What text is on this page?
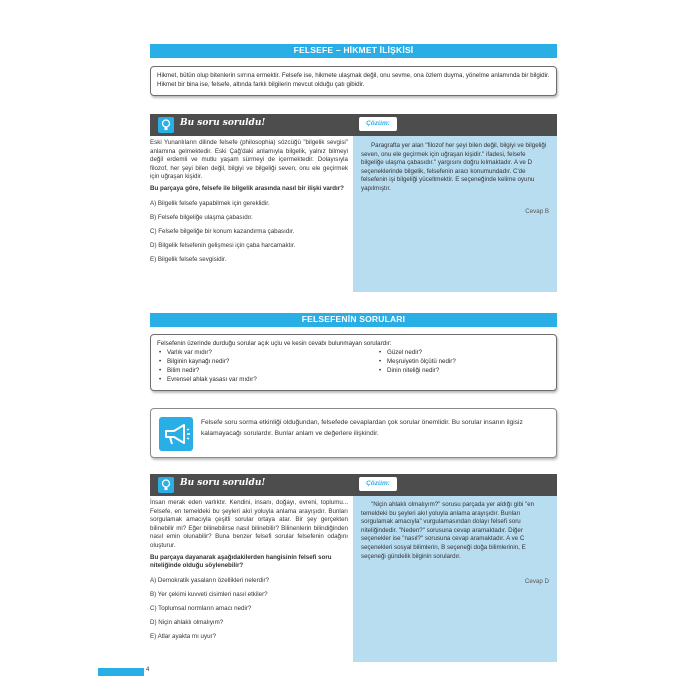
FELSEFE – HİKMET İLİŞKİSİ
Hikmet, bütün olup bitenlerin sırrına ermektir. Felsefe ise, hikmete ulaşmak değil, onu sevme, ona özlem duyma, yönelme anlamında bir bilgidir. Hikmet bir bina ise, felsefe, altında farklı bilgilerin mevcut olduğu çatı gibidir.
Bu soru soruldu!	Çözüm:

Eski Yunanlıların dilinde felsefe (philosophia) sözcüğü "bilgelik sevgisi" anlamına gelmektedir. Eski Çağ'daki anlamıyla bilgelik, yalnız bilmeyi değil erdemli ve mutlu yaşam sürmeyi de içermektedir. Dolayısıyla filozof, her şeyi bilen değil, bilgiyi ve bilgeliği seven, onu ele geçirmek için uğraşan kişidir.

Bu parçaya göre, felsefe ile bilgelik arasında nasıl bir ilişki vardır?

A) Bilgelik felsefe yapabilmek için gereklidir.
B) Felsefe bilgeliğe ulaşma çabasıdır.
C) Felsefe bilgeliğe bir konum kazandırma çabasıdır.
D) Bilgelik felsefenin gelişmesi için çaba harcamaktır.
E) Bilgelik felsefe sevgisidir.
Paragrafta yer alan "filozof her şeyi bilen değil, bilgiyi ve bilgeliği seven, onu ele geçirmek için uğraşan kişidir." ifadesi, felsefe bilgeliğe ulaşma çabasıdır." yargısını doğru kılmaktadır. A ve D seçeneklerinde bilgelik, felsefenin aracı konumundadır. C'de felsefenin işi bilgeliği yüceltmektir. E seçeneğinde kelime oyunu yapılmıştır.
Cevap B
FELSEFENİN SORULARI
Felsefenin üzerinde durduğu sorular açık uçlu ve kesin cevabı bulunmayan sorulardır:
• Varlık var mıdır?
• Bilginin kaynağı nedir?
• Bilim nedir?
• Evrensel ahlak yasası var mıdır?
• Güzel nedir?
• Meşruiyetin ölçütü nedir?
• Dinin niteliği nedir?
Felsefe soru sorma etkinliği olduğundan, felsefede cevaplardan çok sorular önemlidir. Bu sorular insanın ilgisiz kalamayacağı sorulardır. Bunlar anlam ve değerlere ilişkindir.
Bu soru soruldu!	Çözüm:

İnsan merak eden varlıktır. Kendini, insanı, doğayı, evreni, toplumu... Felsefe, en temeldeki bu şeyleri akıl yoluyla anlama arayışıdır. Bunları sorgulamak amacıyla çeşitli sorular ortaya atar. Bir şey gerçekten bilinebilir mi? Eğer bilinebilirse nasıl bilinebilir? Bilinenlerin bilindiğinden nasıl emin olunabilir? Buna benzer felsefi sorular felsefenin odağını oluşturur.

Bu parçaya dayanarak aşağıdakilerden hangisinin felsefi soru niteliğinde olduğu söylenebilir?

A) Demokratik yasaların özellikleri nelerdir?
B) Yer çekimi kuvveti cisimleri nasıl etkiler?
C) Toplumsal normların amacı nedir?
D) Niçin ahlaklı olmalıyım?
E) Atlar ayakta mı uyur?
"Niçin ahlaklı olmalıyım?" sorusu parçada yer aldığı gibi "en temeldeki bu şeyleri akıl yoluyla anlama arayışıdır. Bunları sorgulamak amacıyla" vurgulamasından dolayı felsefi soru niteliğindedir. "Neden?" sorusuna cevap aramaktadır. Diğer seçenekler ise "nasıl?" sorusuna cevap aramaktadır. A ve C seçenekleri sosyal bilimlerin, B seçeneği doğa bilimlerinin, E seçeneği gündelik bilginin sorulardır.
Cevap D
4
